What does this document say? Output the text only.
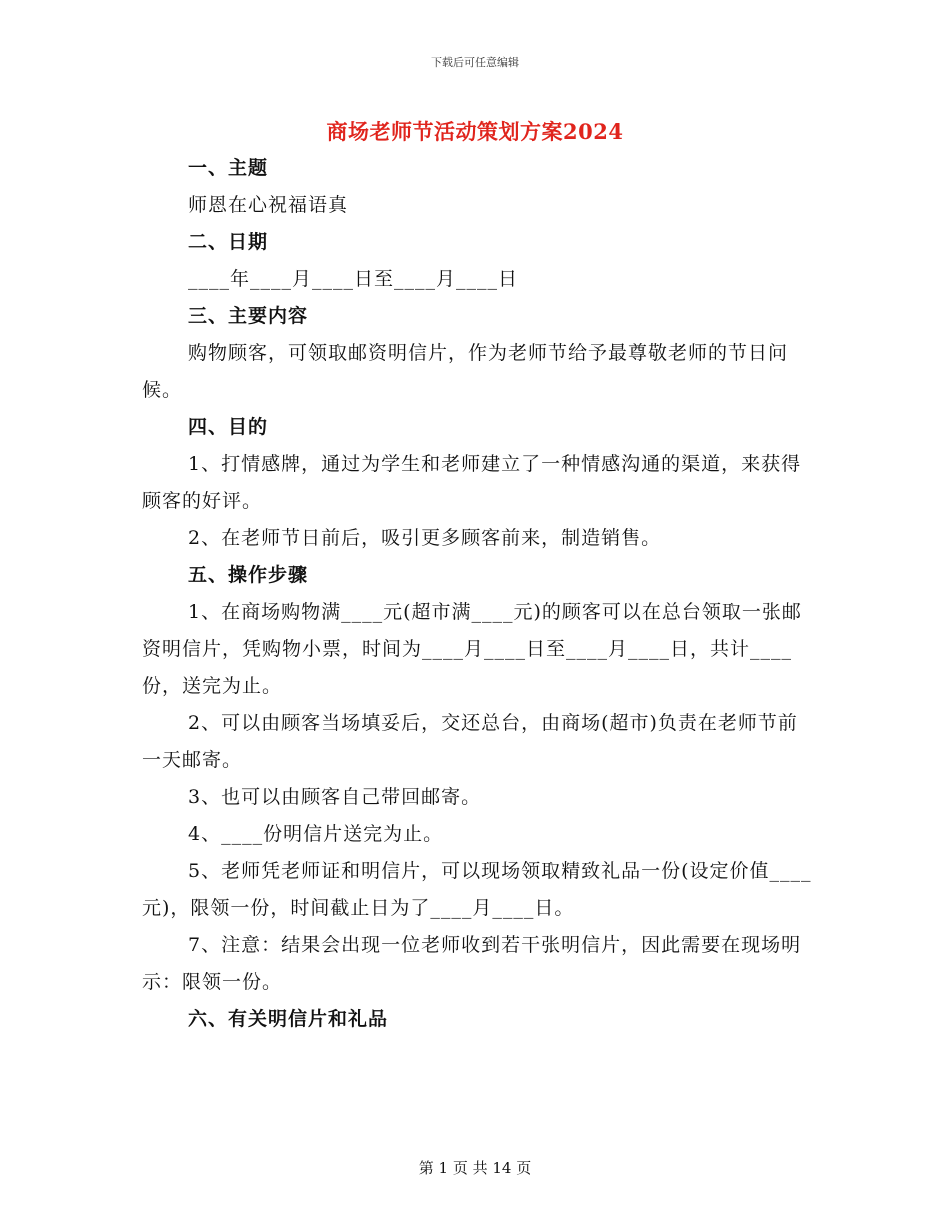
下载后可任意编辑
商场老师节活动策划方案2024

一、主题

师恩在心祝福语真

二、日期

____年____月____日至____月____日

三、主要内容

购物顾客，可领取邮资明信片，作为老师节给予最尊敬老师的节日问候。

四、目的

1、打情感牌，通过为学生和老师建立了一种情感沟通的渠道，来获得顾客的好评。

2、在老师节日前后，吸引更多顾客前来，制造销售。

五、操作步骤

1、在商场购物满____元(超市满____元)的顾客可以在总台领取一张邮资明信片，凭购物小票，时间为____月____日至____月____日，共计____份，送完为止。

2、可以由顾客当场填妥后，交还总台，由商场(超市)负责在老师节前一天邮寄。

3、也可以由顾客自己带回邮寄。

4、____份明信片送完为止。

5、老师凭老师证和明信片，可以现场领取精致礼品一份(设定价值____元)，限领一份，时间截止日为了____月____日。

7、注意：结果会出现一位老师收到若干张明信片，因此需要在现场明示：限领一份。

六、有关明信片和礼品

第 1 页 共 14 页
